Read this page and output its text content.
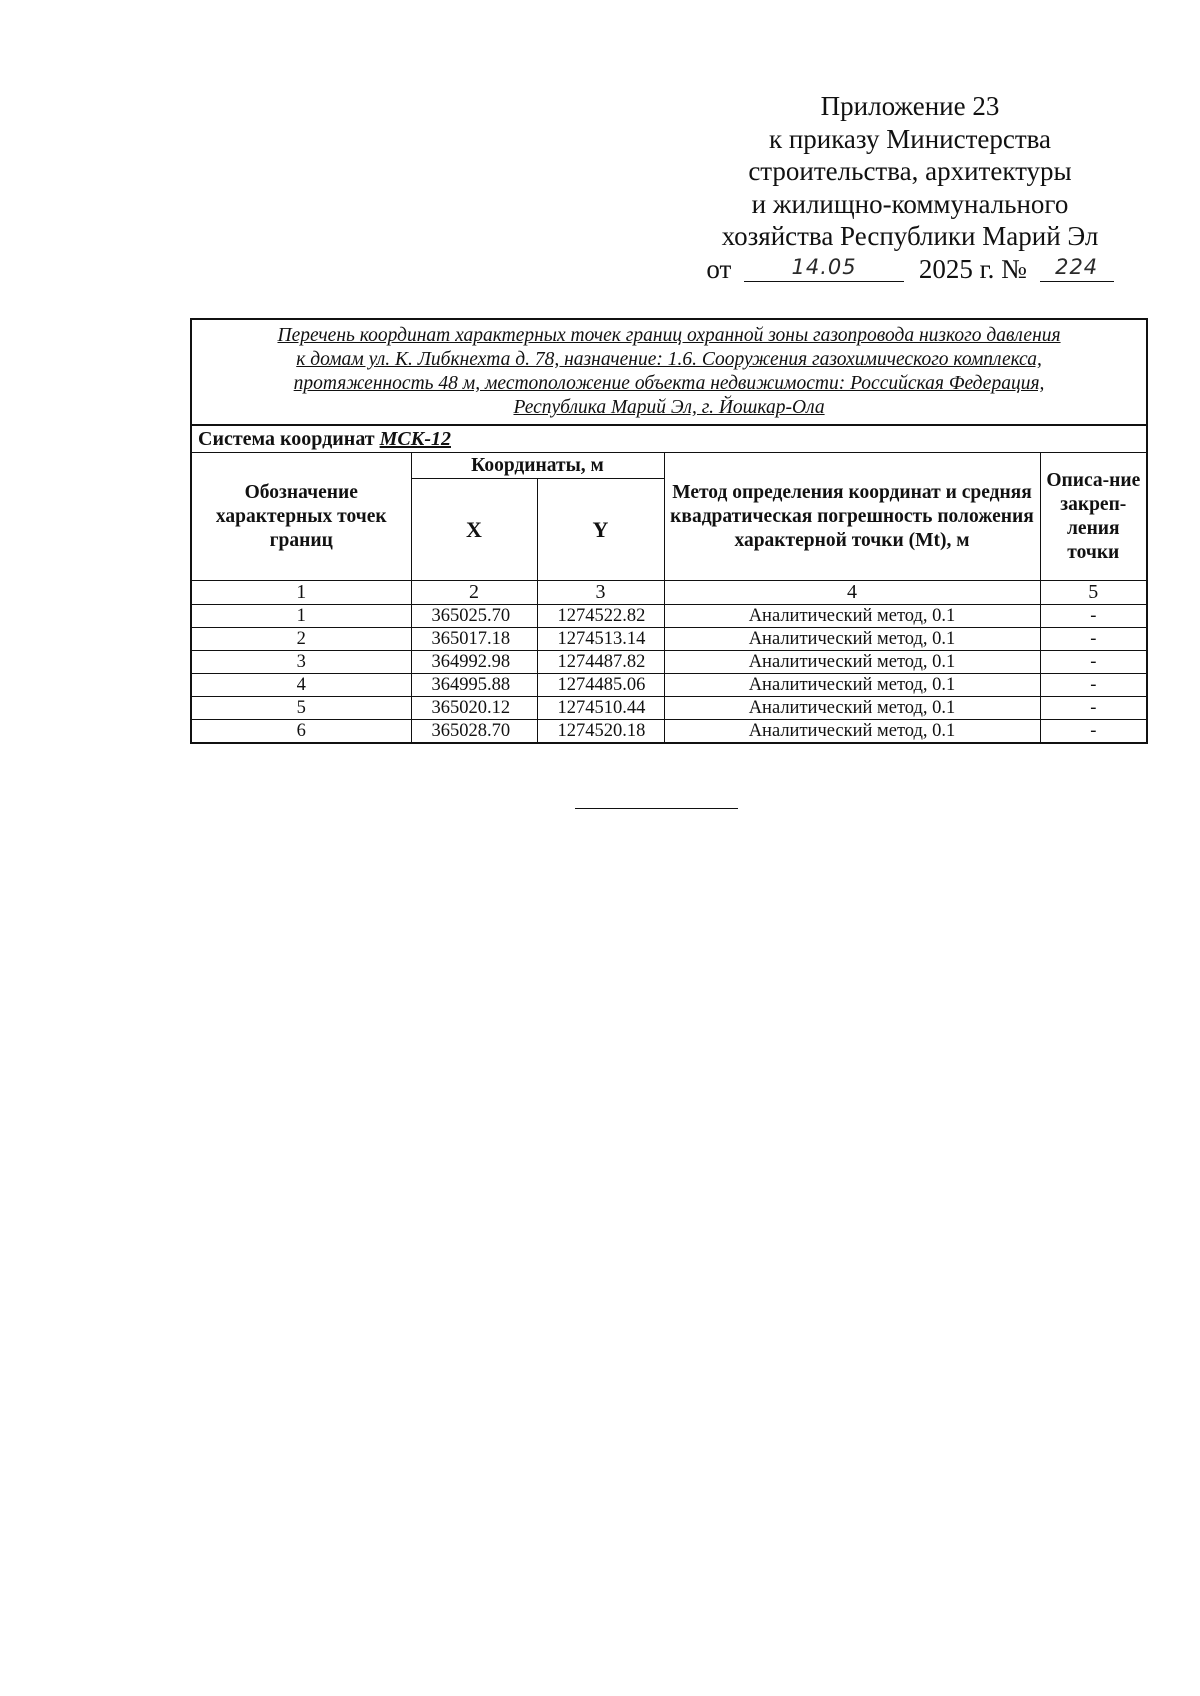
Приложение 23
к приказу Министерства
строительства, архитектуры
и жилищно-коммунального
хозяйства Республики Марий Эл
от	14.05 2025 г. № 224
Перечень координат характерных точек границ охранной зоны газопровода низкого давления
к домам ул. К. Либкнехта д. 78, назначение: 1.6. Сооружения газохимического комплекса,
протяженность 48 м, местоположение объекта недвижимости: Российская Федерация,
Республика Марий Эл, г. Йошкар-Ола				
Система координат МСК-12				
Обозначение характерных точек границ	Координаты, м		Метод определения координат и средняя квадратическая погрешность положения характерной точки (Mt), м	Описа-ние закреп-ления точки
	X	Y		
1	2	3	4	5
1	365025.70	1274522.82	Аналитический метод, 0.1	-
2	365017.18	1274513.14	Аналитический метод, 0.1	-
3	364992.98	1274487.82	Аналитический метод, 0.1	-
4	364995.88	1274485.06	Аналитический метод, 0.1	-
5	365020.12	1274510.44	Аналитический метод, 0.1	-
6	365028.70	1274520.18	Аналитический метод, 0.1	-
